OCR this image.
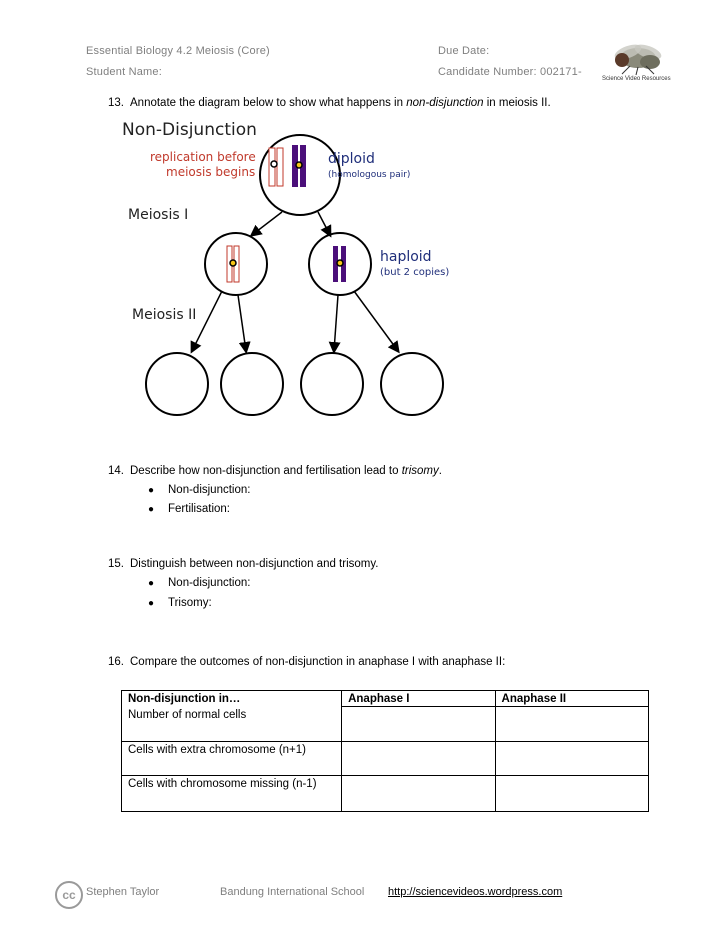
Essential Biology 4.2 Meiosis (Core)
Student Name:
Due Date:
Candidate Number: 002171-
Science Video Resources
13. Annotate the diagram below to show what happens in non-disjunction in meiosis II.
Non-Disjunction
replication before
meiosis begins
diploid
(homologous pair)
Meiosis I
haploid
(but 2 copies)
Meiosis II
14. Describe how non-disjunction and fertilisation lead to trisomy.
● Non-disjunction:
● Fertilisation:
15. Distinguish between non-disjunction and trisomy.
● Non-disjunction:
● Trisomy:
16. Compare the outcomes of non-disjunction in anaphase I with anaphase II:
Non-disjunction in…	Anaphase I	Anaphase II
Number of normal cells		
Cells with extra chromosome (n+1)		
Cells with chromosome missing (n-1)		
cc Stephen Taylor	Bandung International School http://sciencevideos.wordpress.com
